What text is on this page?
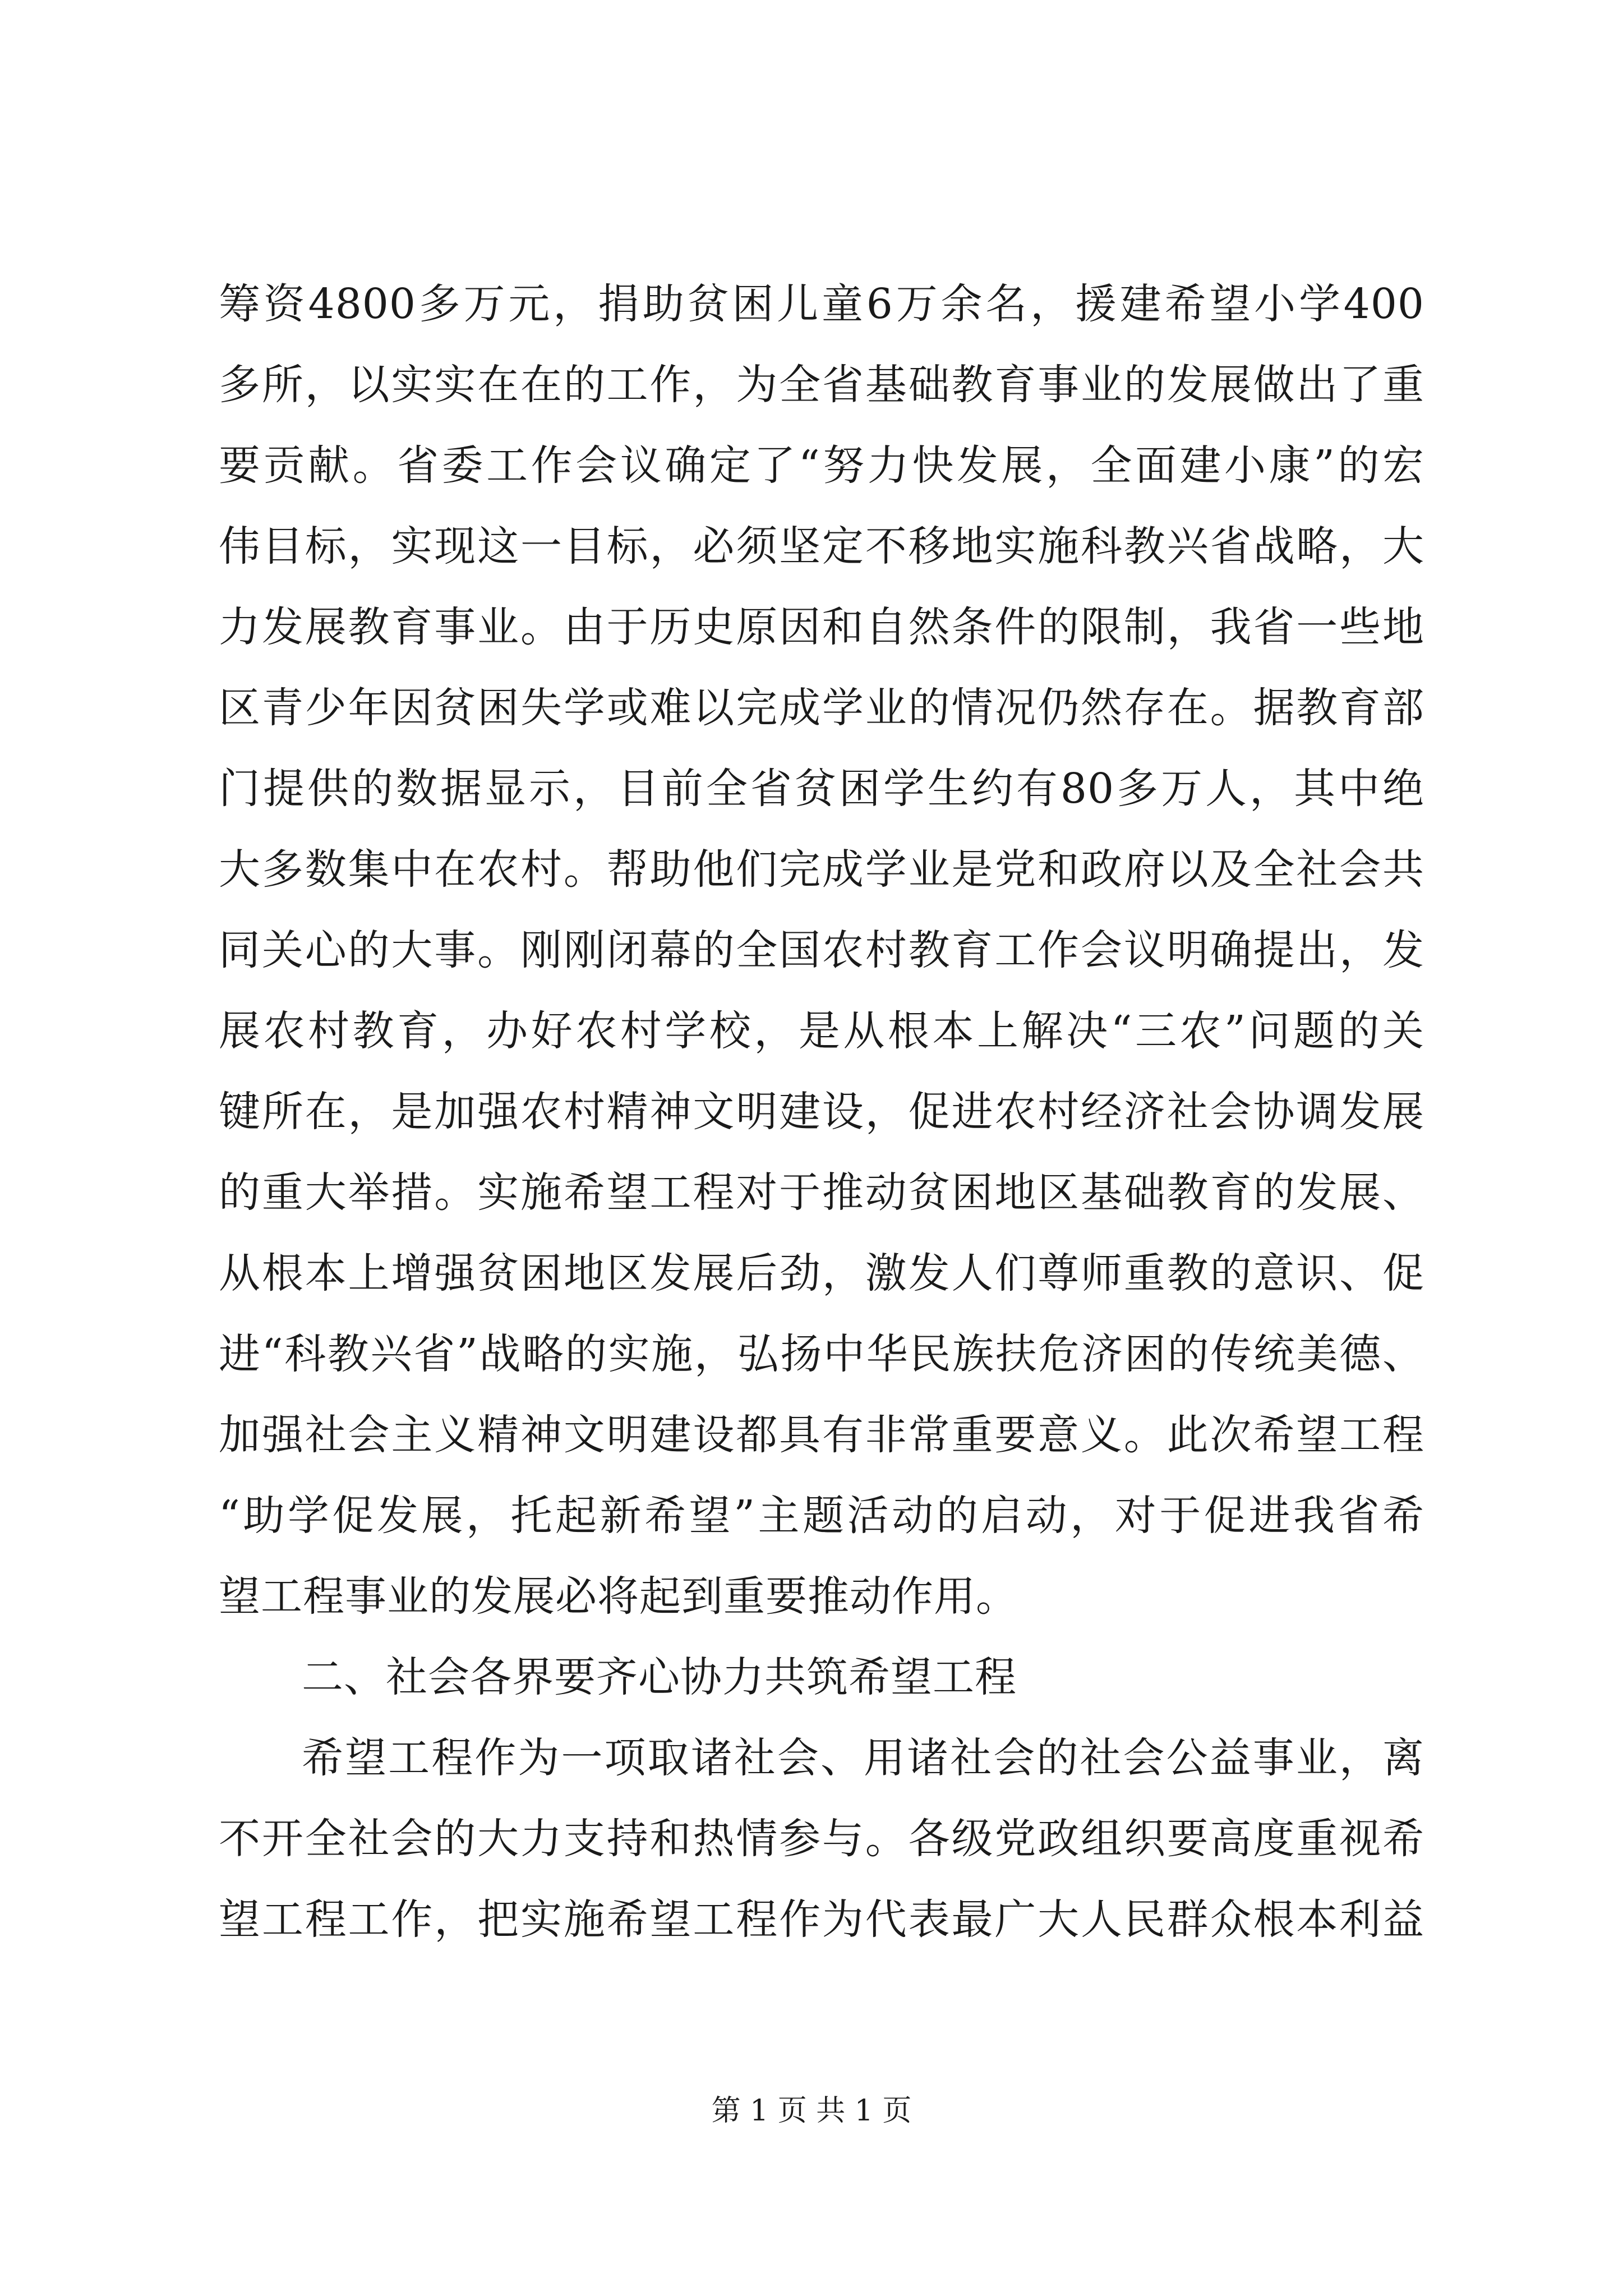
筹资4800多万元，捐助贫困儿童6万余名，援建希望小学400
多所，以实实在在的工作，为全省基础教育事业的发展做出了重
要贡献。省委工作会议确定了“努力快发展，全面建小康”的宏
伟目标，实现这一目标，必须坚定不移地实施科教兴省战略，大
力发展教育事业。由于历史原因和自然条件的限制，我省一些地
区青少年因贫困失学或难以完成学业的情况仍然存在。据教育部
门提供的数据显示，目前全省贫困学生约有80多万人，其中绝
大多数集中在农村。帮助他们完成学业是党和政府以及全社会共
同关心的大事。刚刚闭幕的全国农村教育工作会议明确提出，发
展农村教育，办好农村学校，是从根本上解决“三农”问题的关
键所在，是加强农村精神文明建设，促进农村经济社会协调发展
的重大举措。实施希望工程对于推动贫困地区基础教育的发展、
从根本上增强贫困地区发展后劲，激发人们尊师重教的意识、促
进“科教兴省”战略的实施，弘扬中华民族扶危济困的传统美德、
加强社会主义精神文明建设都具有非常重要意义。此次希望工程
“助学促发展，托起新希望”主题活动的启动，对于促进我省希
望工程事业的发展必将起到重要推动作用。
二、社会各界要齐心协力共筑希望工程
希望工程作为一项取诸社会、用诸社会的社会公益事业，离
不开全社会的大力支持和热情参与。各级党政组织要高度重视希
望工程工作，把实施希望工程作为代表最广大人民群众根本利益
第 1 页 共 1 页
